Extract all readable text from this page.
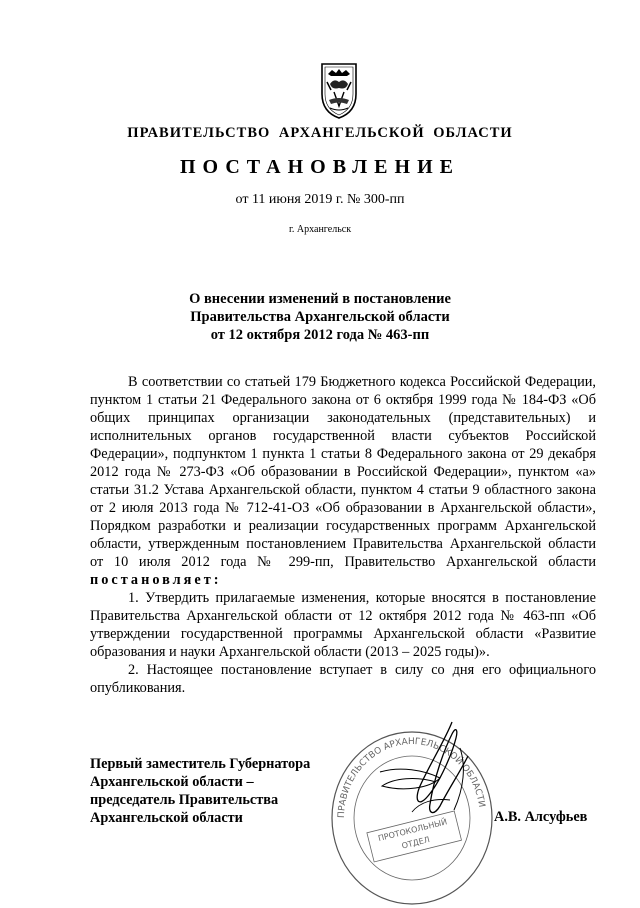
ПРАВИТЕЛЬСТВО АРХАНГЕЛЬСКОЙ ОБЛАСТИ
ПОСТАНОВЛЕНИЕ
от 11 июня 2019 г. № 300-пп
г. Архангельск
О внесении изменений в постановление
Правительства Архангельской области
от 12 октября 2012 года № 463-пп

В соответствии со статьей 179 Бюджетного кодекса Российской Федерации, пунктом 1 статьи 21 Федерального закона от 6 октября 1999 года № 184-ФЗ «Об общих принципах организации законодательных (представительных) и исполнительных органов государственной власти субъектов Российской Федерации», подпунктом 1 пункта 1 статьи 8 Федерального закона от 29 декабря 2012 года № 273-ФЗ «Об образовании в Российской Федерации», пунктом «а» статьи 31.2 Устава Архангельской области, пунктом 4 статьи 9 областного закона от 2 июля 2013 года № 712-41-ОЗ «Об образовании в Архангельской области», Порядком разработки и реализации государственных программ Архангельской области, утвержденным постановлением Правительства Архангельской области от 10 июля 2012 года № 299-пп, Правительство Архангельской области постановляет:

1. Утвердить прилагаемые изменения, которые вносятся в постановление Правительства Архангельской области от 12 октября 2012 года № 463-пп «Об утверждении государственной программы Архангельской области «Развитие образования и науки Архангельской области (2013 – 2025 годы)».

2. Настоящее постановление вступает в силу со дня его официального опубликования.

ПРАВИТЕЛЬСТВО АРХАНГЕЛЬСКОЙ ОБЛАСТИ
ПРОТОКОЛЬНЫЙ ОТДЕЛ
Первый заместитель Губернатора
Архангельской области –
председатель Правительства
Архангельской области	А.В. Алсуфьев
